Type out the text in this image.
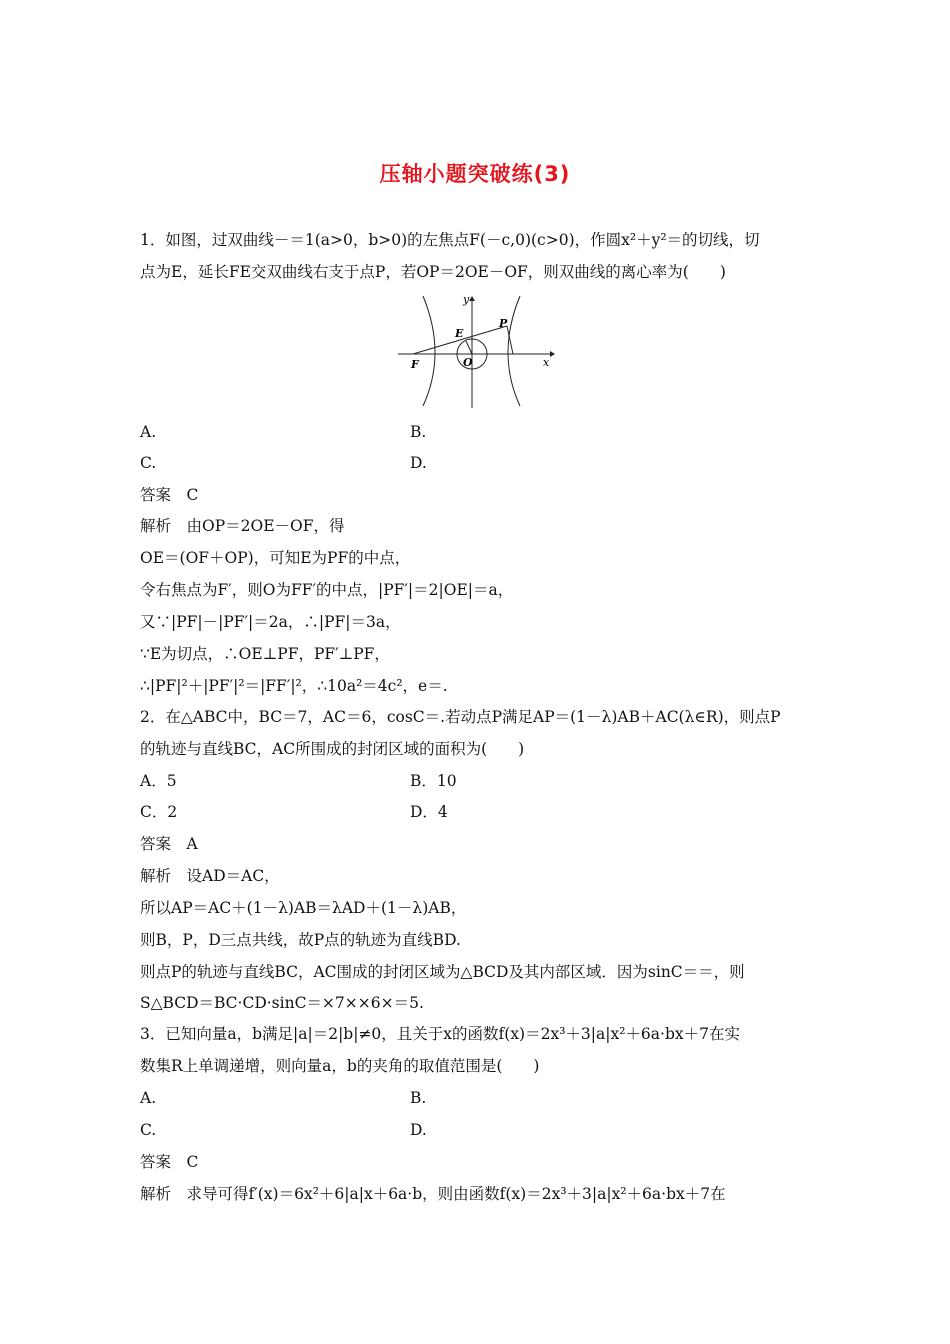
压轴小题突破练(3)
1．如图，过双曲线－＝1(a>0，b>0)的左焦点F(－c,0)(c>0)，作圆x²＋y²＝的切线，切
点为E，延长FE交双曲线右支于点P，若OP＝2OE－OF，则双曲线的离心率为(　　)
y
x
E
P
F	O
A.	B.
C.	D.
答案　C
解析　由OP＝2OE－OF，得
OE＝(OF＋OP)，可知E为PF的中点，
令右焦点为F′，则O为FF′的中点，|PF′|＝2|OE|＝a，
又∵|PF|－|PF′|＝2a，∴|PF|＝3a，
∵E为切点，∴OE⊥PF，PF′⊥PF，
∴|PF|²＋|PF′|²＝|FF′|²，∴10a²＝4c²，e＝.
2．在△ABC中，BC＝7，AC＝6，cosC＝.若动点P满足AP＝(1－λ)AB＋AC(λ∈R)，则点P
的轨迹与直线BC，AC所围成的封闭区域的面积为(　　)
A．5	B．10
C．2	D．4
答案　A
解析　设AD＝AC，
所以AP＝AC＋(1－λ)AB＝λAD＋(1－λ)AB，
则B，P，D三点共线，故P点的轨迹为直线BD.
则点P的轨迹与直线BC，AC围成的封闭区域为△BCD及其内部区域．因为sinC＝＝，则
S△BCD＝BC·CD·sinC＝×7××6×＝5.
3．已知向量a，b满足|a|＝2|b|≠0，且关于x的函数f(x)＝2x³＋3|a|x²＋6a·bx＋7在实
数集R上单调递增，则向量a，b的夹角的取值范围是(　　)
A.	B.
C.	D.
答案　C
解析　求导可得f′(x)＝6x²＋6|a|x＋6a·b，则由函数f(x)＝2x³＋3|a|x²＋6a·bx＋7在
